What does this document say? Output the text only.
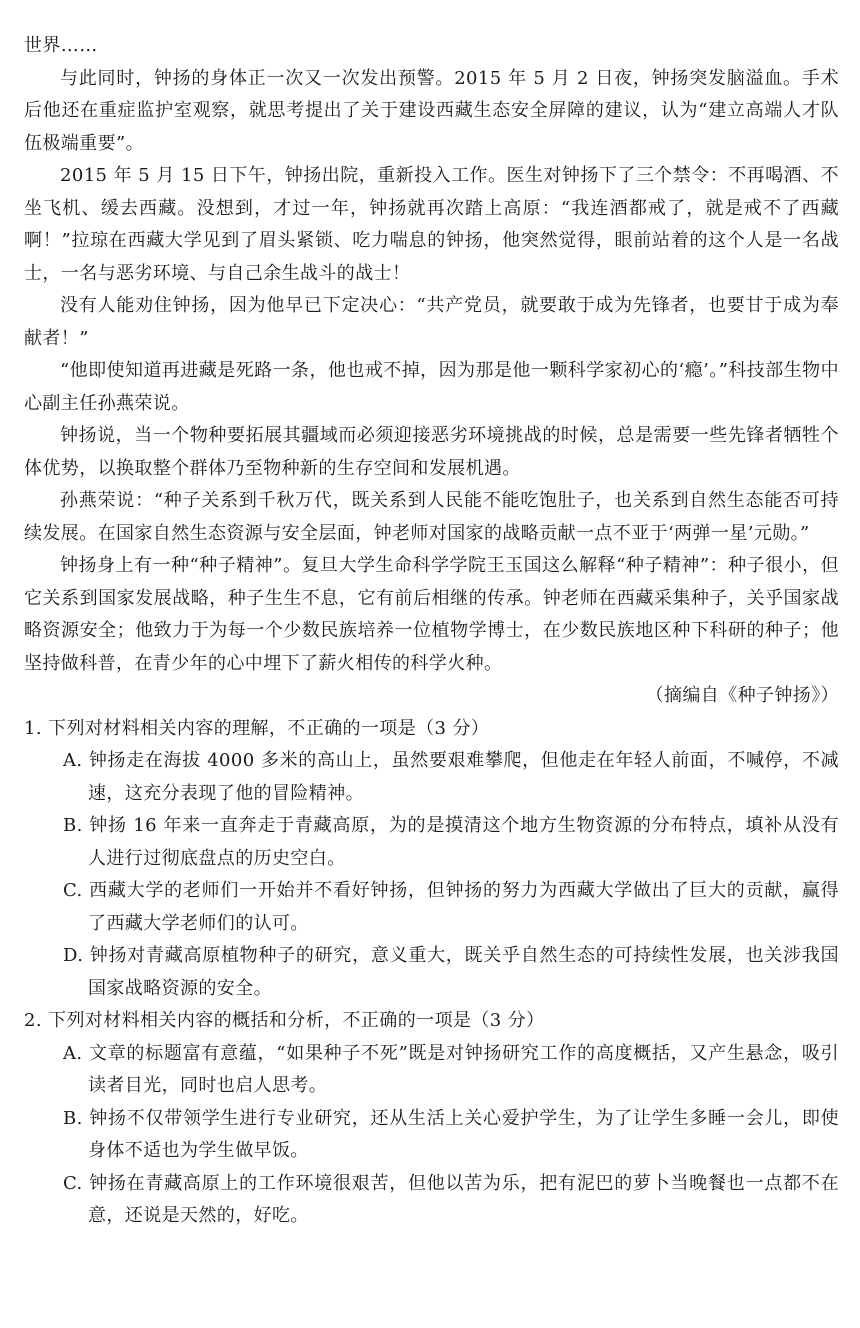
世界……

与此同时，钟扬的身体正一次又一次发出预警。2015 年 5 月 2 日夜，钟扬突发脑溢血。手术后他还在重症监护室观察，就思考提出了关于建设西藏生态安全屏障的建议，认为“建立高端人才队伍极端重要”。

2015 年 5 月 15 日下午，钟扬出院，重新投入工作。医生对钟扬下了三个禁令：不再喝酒、不坐飞机、缓去西藏。没想到，才过一年，钟扬就再次踏上高原：“我连酒都戒了，就是戒不了西藏啊！”拉琼在西藏大学见到了眉头紧锁、吃力喘息的钟扬，他突然觉得，眼前站着的这个人是一名战士，一名与恶劣环境、与自己余生战斗的战士！

没有人能劝住钟扬，因为他早已下定决心：“共产党员，就要敢于成为先锋者，也要甘于成为奉献者！”

“他即使知道再进藏是死路一条，他也戒不掉，因为那是他一颗科学家初心的‘瘾’。”科技部生物中心副主任孙燕荣说。

钟扬说，当一个物种要拓展其疆域而必须迎接恶劣环境挑战的时候，总是需要一些先锋者牺牲个体优势，以换取整个群体乃至物种新的生存空间和发展机遇。

孙燕荣说：“种子关系到千秋万代，既关系到人民能不能吃饱肚子，也关系到自然生态能否可持续发展。在国家自然生态资源与安全层面，钟老师对国家的战略贡献一点不亚于‘两弹一星’元勋。”

钟扬身上有一种“种子精神”。复旦大学生命科学学院王玉国这么解释“种子精神”：种子很小，但它关系到国家发展战略，种子生生不息，它有前后相继的传承。钟老师在西藏采集种子，关乎国家战略资源安全；他致力于为每一个少数民族培养一位植物学博士，在少数民族地区种下科研的种子；他坚持做科普，在青少年的心中埋下了薪火相传的科学火种。

（摘编自《种子钟扬》）

1. 下列对材料相关内容的理解，不正确的一项是（3 分）

A. 钟扬走在海拔 4000 多米的高山上，虽然要艰难攀爬，但他走在年轻人前面，不喊停，不减速，这充分表现了他的冒险精神。

B. 钟扬 16 年来一直奔走于青藏高原，为的是摸清这个地方生物资源的分布特点，填补从没有人进行过彻底盘点的历史空白。

C. 西藏大学的老师们一开始并不看好钟扬，但钟扬的努力为西藏大学做出了巨大的贡献，赢得了西藏大学老师们的认可。

D. 钟扬对青藏高原植物种子的研究，意义重大，既关乎自然生态的可持续性发展，也关涉我国国家战略资源的安全。

2. 下列对材料相关内容的概括和分析，不正确的一项是（3 分）

A. 文章的标题富有意蕴，“如果种子不死”既是对钟扬研究工作的高度概括，又产生悬念，吸引读者目光，同时也启人思考。

B. 钟扬不仅带领学生进行专业研究，还从生活上关心爱护学生，为了让学生多睡一会儿，即使身体不适也为学生做早饭。

C. 钟扬在青藏高原上的工作环境很艰苦，但他以苦为乐，把有泥巴的萝卜当晚餐也一点都不在意，还说是天然的，好吃。
